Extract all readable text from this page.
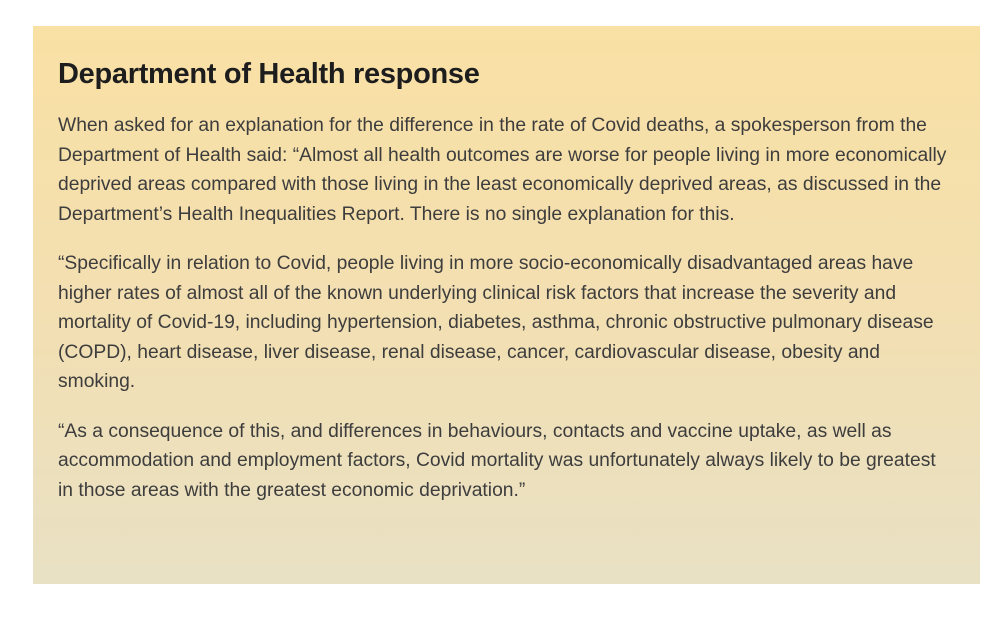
Department of Health response

When asked for an explanation for the difference in the rate of Covid deaths, a spokesperson from the Department of Health said: “Almost all health outcomes are worse for people living in more economically deprived areas compared with those living in the least economically deprived areas, as discussed in the Department’s Health Inequalities Report. There is no single explanation for this.

“Specifically in relation to Covid, people living in more socio-economically disadvantaged areas have higher rates of almost all of the known underlying clinical risk factors that increase the severity and mortality of Covid-19, including hypertension, diabetes, asthma, chronic obstructive pulmonary disease (COPD), heart disease, liver disease, renal disease, cancer, cardiovascular disease, obesity and smoking.

“As a consequence of this, and differences in behaviours, contacts and vaccine uptake, as well as accommodation and employment factors, Covid mortality was unfortunately always likely to be greatest in those areas with the greatest economic deprivation.”
